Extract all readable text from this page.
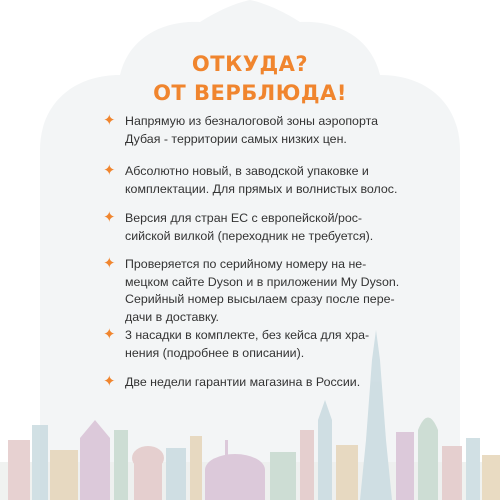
ОТКУДА?
ОТ ВЕРБЛЮДА!
✦ Напрямую из безналоговой зоны аэропорта
Дубая - территории самых низких цен.
✦ Абсолютно новый, в заводской упаковке и
комплектации. Для прямых и волнистых волос.
✦ Версия для стран ЕС с европейской/рос-
сийской вилкой (переходник не требуется).
✦ Проверяется по серийному номеру на не-
мецком сайте Dyson и в приложении My Dyson.
Серийный номер высылаем сразу после пере-
дачи в доставку.
✦ 3 насадки в комплекте, без кейса для хра-
нения (подробнее в описании).
✦ Две недели гарантии магазина в России.
